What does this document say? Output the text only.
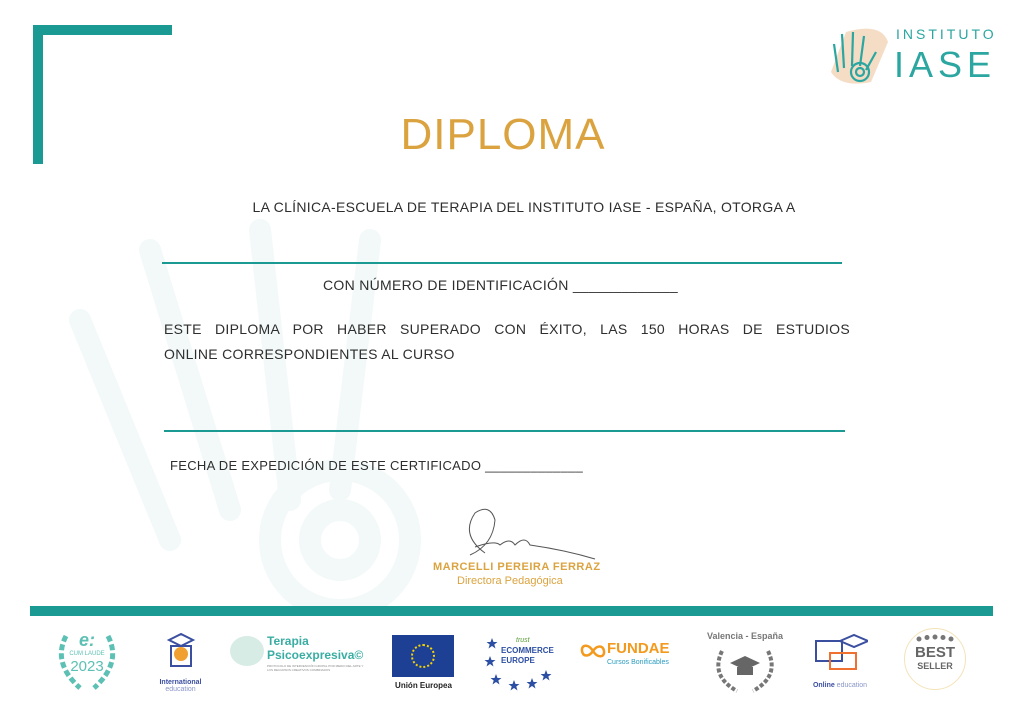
INSTITUTO
IASE
DIPLOMA
LA CLÍNICA-ESCUELA DE TERAPIA DEL INSTITUTO IASE - ESPAÑA, OTORGA A
CON NÚMERO DE IDENTIFICACIÓN _____________
ESTE DIPLOMA POR HABER SUPERADO CON ÉXITO, LAS 150 HORAS DE ESTUDIOS
ONLINE CORRESPONDIENTES AL CURSO
FECHA DE EXPEDICIÓN DE ESTE CERTIFICADO _____________
MARCELLI PEREIRA FERRAZ
Directora Pedagógica
e:
CUM LAUDE
2023
International education
Terapia
Psicoexpresiva©
PROTOCOLO DE INTERVENCIÓN GRUPAL POR MEDIO DEL ARTE Y LOS RECURSOS CREATIVOS COMBINADOS
Unión Europea
trust
ECOMMERCE
EUROPE
FUNDAE
Cursos Bonificables
Valencia - España
Online education
BEST
SELLER
